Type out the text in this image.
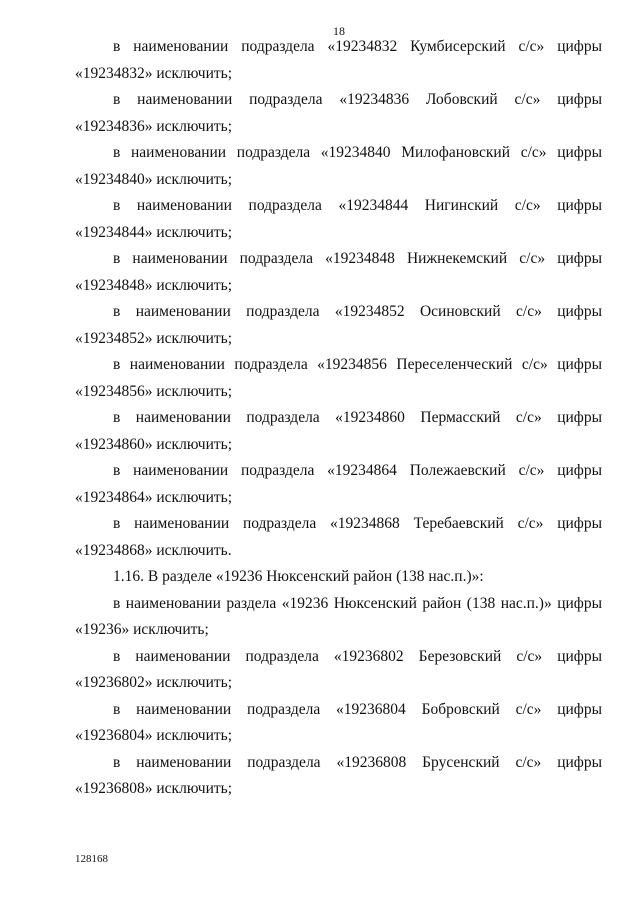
18

в наименовании подраздела «19234832 Кумбисерский с/с» цифры «19234832» исключить;

в наименовании подраздела «19234836 Лобовский с/с» цифры «19234836» исключить;

в наименовании подраздела «19234840 Милофановский с/с» цифры «19234840» исключить;

в наименовании подраздела «19234844 Нигинский с/с» цифры «19234844» исключить;

в наименовании подраздела «19234848 Нижнекемский с/с» цифры «19234848» исключить;

в наименовании подраздела «19234852 Осиновский с/с» цифры «19234852» исключить;

в наименовании подраздела «19234856 Переселенческий с/с» цифры «19234856» исключить;

в наименовании подраздела «19234860 Пермасский с/с» цифры «19234860» исключить;

в наименовании подраздела «19234864 Полежаевский с/с» цифры «19234864» исключить;

в наименовании подраздела «19234868 Теребаевский с/с» цифры «19234868» исключить.

1.16. В разделе «19236 Нюксенский район (138 нас.п.)»:

в наименовании раздела «19236 Нюксенский район (138 нас.п.)» цифры «19236» исключить;

в наименовании подраздела «19236802 Березовский с/с» цифры «19236802» исключить;

в наименовании подраздела «19236804 Бобровский с/с» цифры «19236804» исключить;

в наименовании подраздела «19236808 Брусенский с/с» цифры «19236808» исключить;

128168
